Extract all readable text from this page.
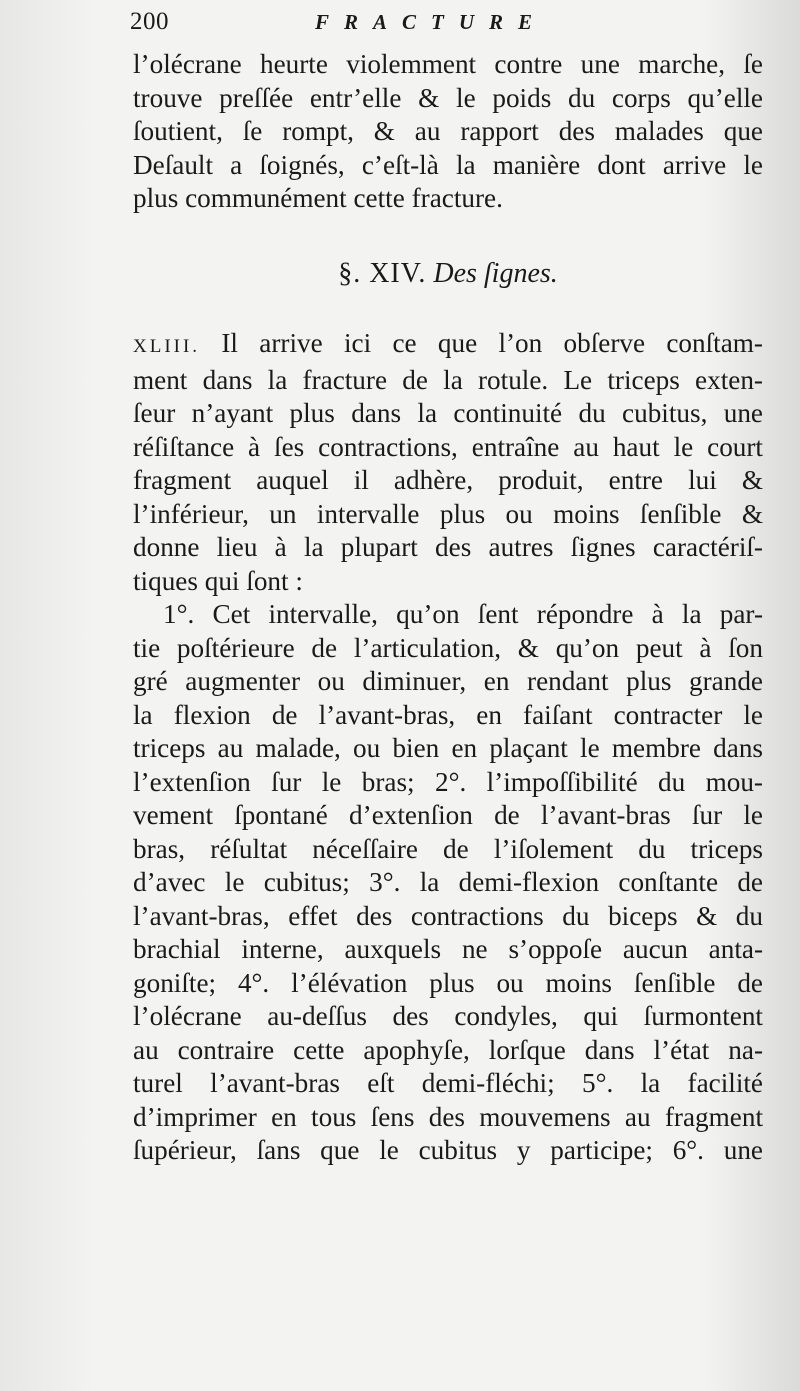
200	FRACTURE
l’olécrane heurte violemment contre une marche, ſe
trouve preſſée entr’elle & le poids du corps qu’elle
ſoutient, ſe rompt, & au rapport des malades que
Deſault a ſoignés, c’eſt-là la manière dont arrive le
plus communément cette fracture.
§. XIV. Des ſignes.
XLIII. Il arrive ici ce que l’on obſerve conſtam-
ment dans la fracture de la rotule. Le triceps exten-
ſeur n’ayant plus dans la continuité du cubitus, une
réſiſtance à ſes contractions, entraîne au haut le court
fragment auquel il adhère, produit, entre lui &
l’inférieur, un intervalle plus ou moins ſenſible &
donne lieu à la plupart des autres ſignes caractériſ-
tiques qui ſont :
1°. Cet intervalle, qu’on ſent répondre à la par-
tie poſtérieure de l’articulation, & qu’on peut à ſon
gré augmenter ou diminuer, en rendant plus grande
la flexion de l’avant-bras, en faiſant contracter le
triceps au malade, ou bien en plaçant le membre dans
l’extenſion ſur le bras; 2°. l’impoſſibilité du mou-
vement ſpontané d’extenſion de l’avant-bras ſur le
bras, réſultat néceſſaire de l’iſolement du triceps
d’avec le cubitus; 3°. la demi-flexion conſtante de
l’avant-bras, effet des contractions du biceps & du
brachial interne, auxquels ne s’oppoſe aucun anta-
goniſte; 4°. l’élévation plus ou moins ſenſible de
l’olécrane au-deſſus des condyles, qui ſurmontent
au contraire cette apophyſe, lorſque dans l’état na-
turel l’avant-bras eſt demi-fléchi; 5°. la facilité
d’imprimer en tous ſens des mouvemens au fragment
ſupérieur, ſans que le cubitus y participe; 6°. une
